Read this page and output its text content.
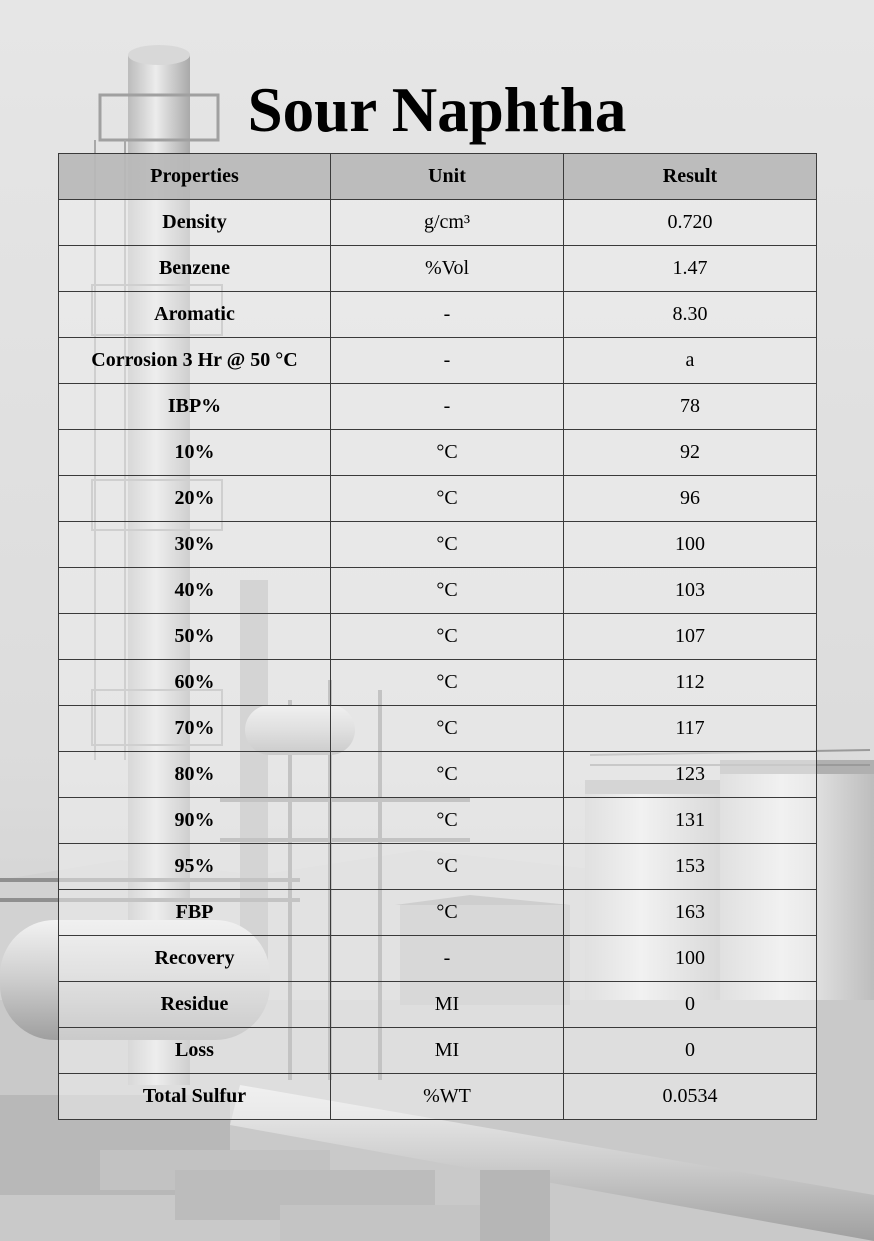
Sour Naphtha
Properties	Unit	Result
Density	g/cm³	0.720
Benzene	%Vol	1.47
Aromatic	-	8.30
Corrosion 3 Hr @ 50 °C	-	a
IBP%	-	78
10%	°C	92
20%	°C	96
30%	°C	100
40%	°C	103
50%	°C	107
60%	°C	112
70%	°C	117
80%	°C	123
90%	°C	131
95%	°C	153
FBP	°C	163
Recovery	-	100
Residue	MI	0
Loss	MI	0
Total Sulfur	%WT	0.0534
